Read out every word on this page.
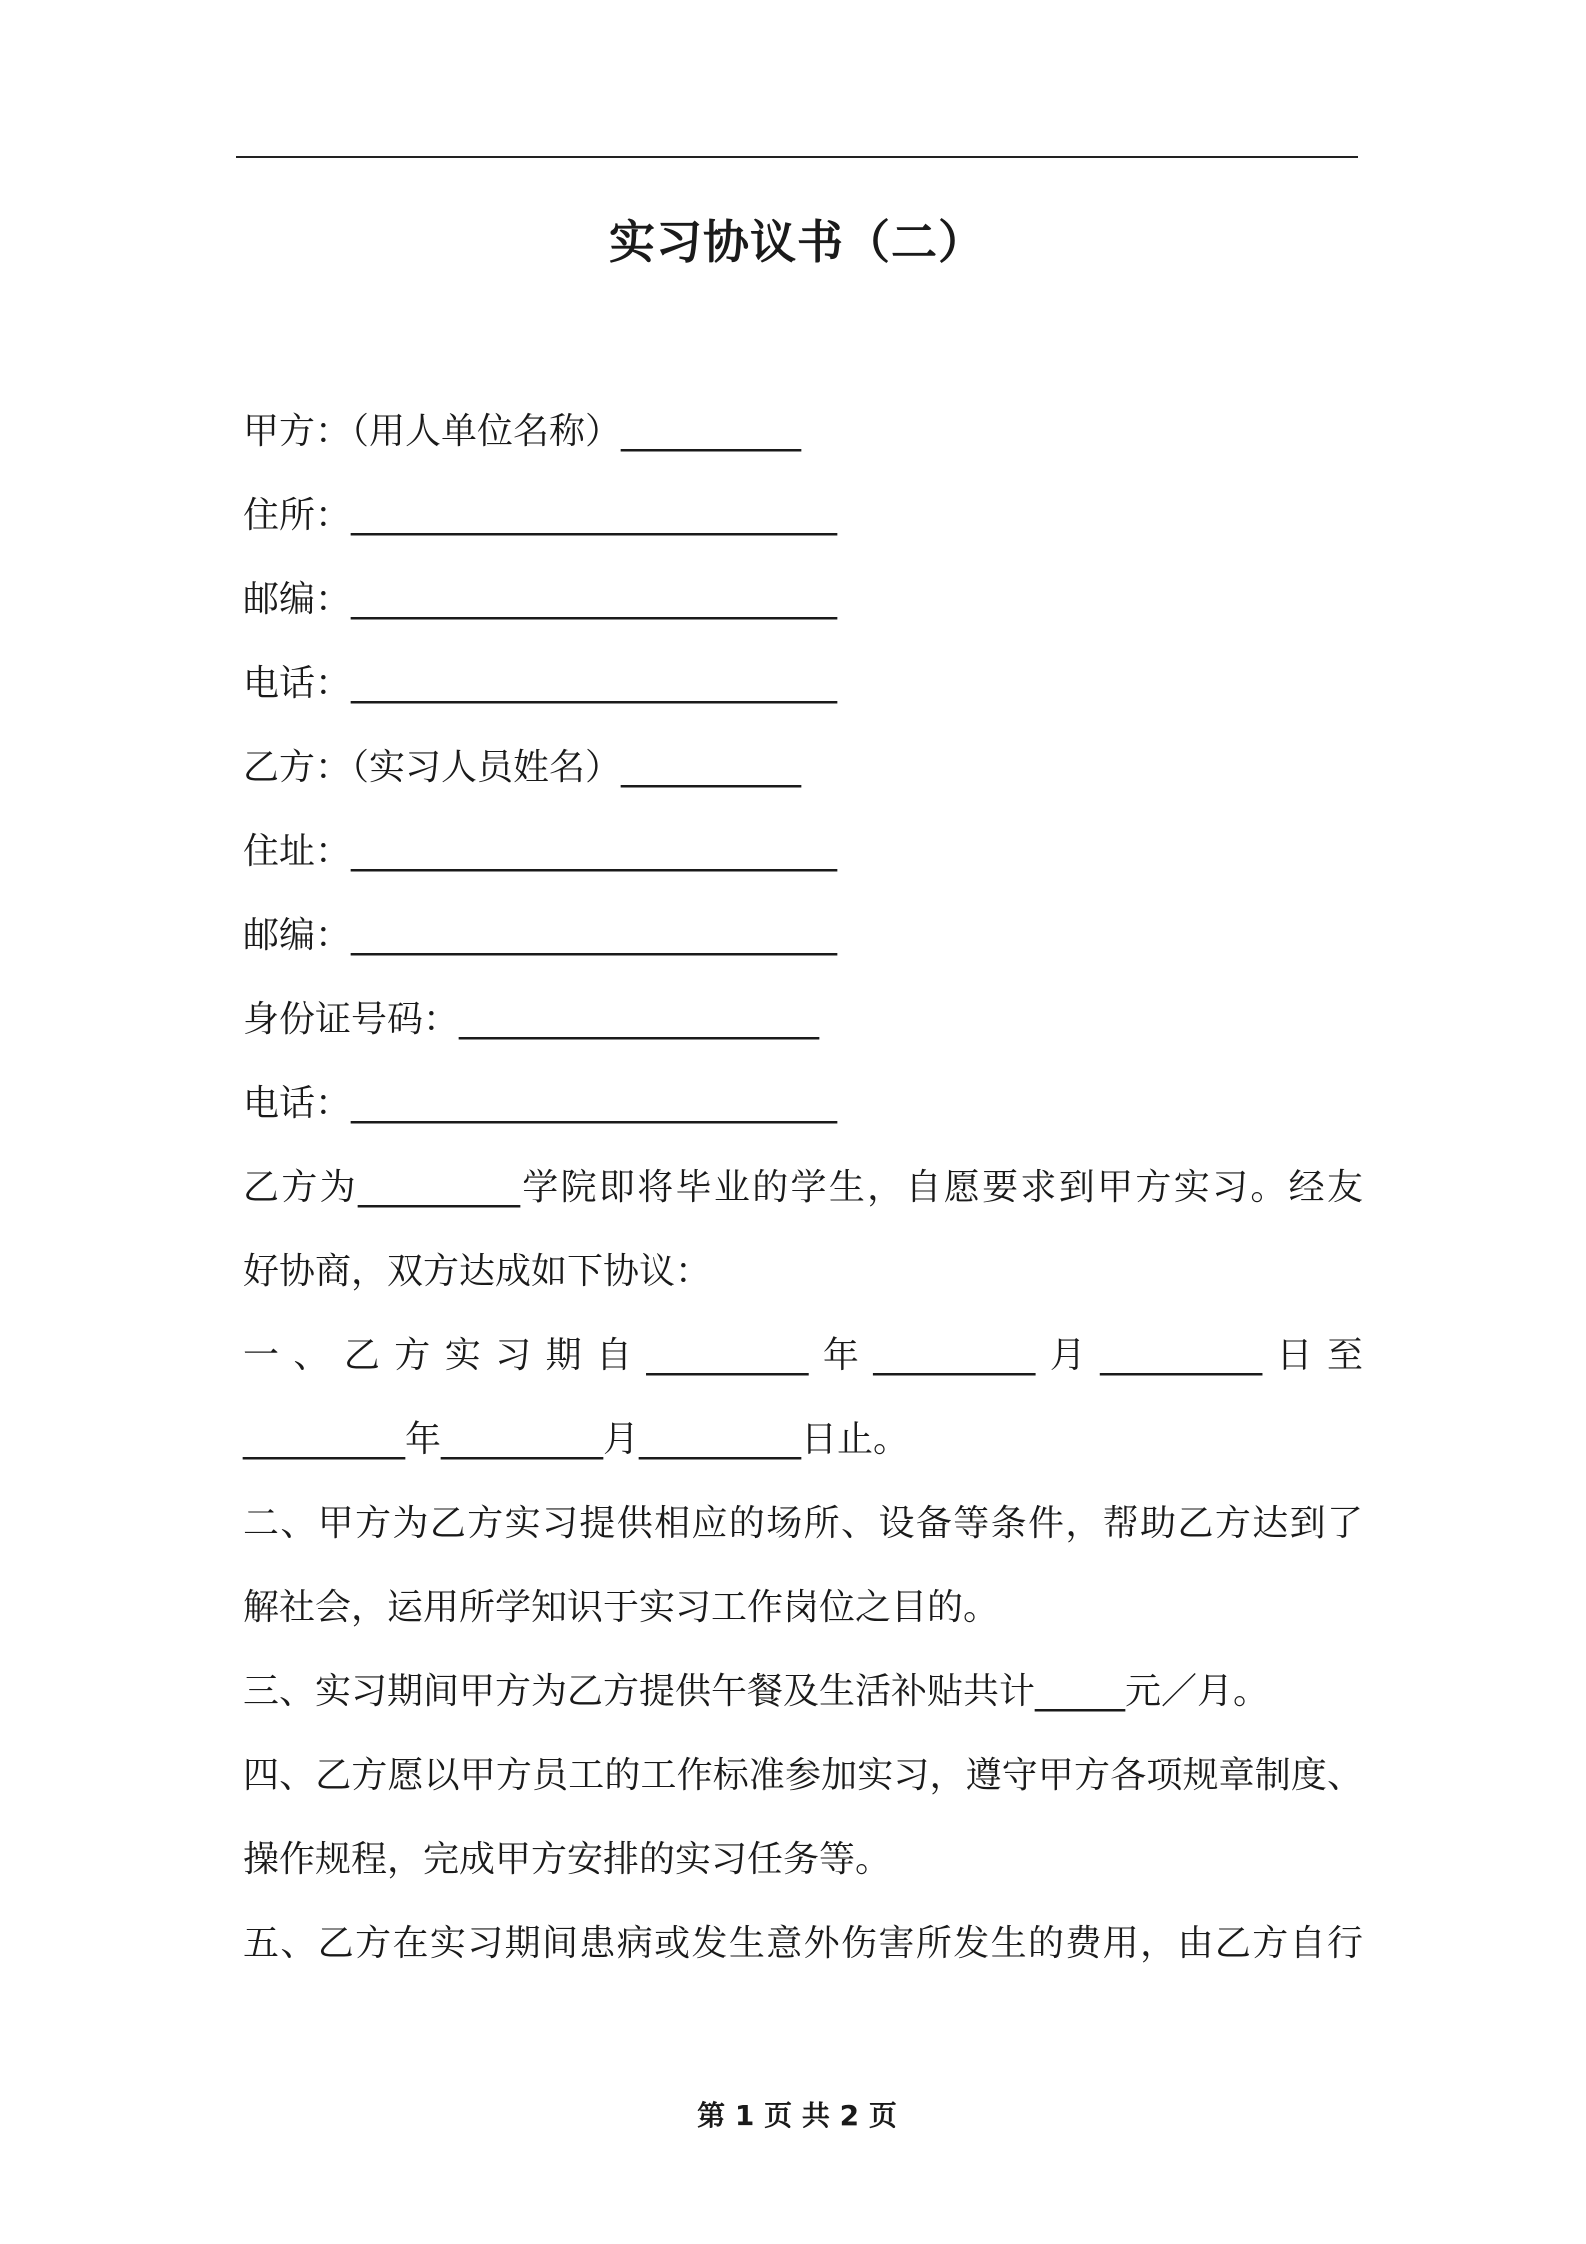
实习协议书（二）
甲方：（用人单位名称）__________
住所：___________________________
邮编：___________________________
电话：___________________________
乙方：（实习人员姓名）__________
住址：___________________________
邮编：___________________________
身份证号码：____________________
电话：___________________________
乙方为_________学院即将毕业的学生，自愿要求到甲方实习。经友
好协商，双方达成如下协议：
一、乙方实习期自_________年_________月_________日至
_________年_________月_________日止。
二、甲方为乙方实习提供相应的场所、设备等条件，帮助乙方达到了
解社会，运用所学知识于实习工作岗位之目的。
三、实习期间甲方为乙方提供午餐及生活补贴共计_____元／月。
四、乙方愿以甲方员工的工作标准参加实习，遵守甲方各项规章制度、
操作规程，完成甲方安排的实习任务等。
五、乙方在实习期间患病或发生意外伤害所发生的费用，由乙方自行
第 1 页 共 2 页
